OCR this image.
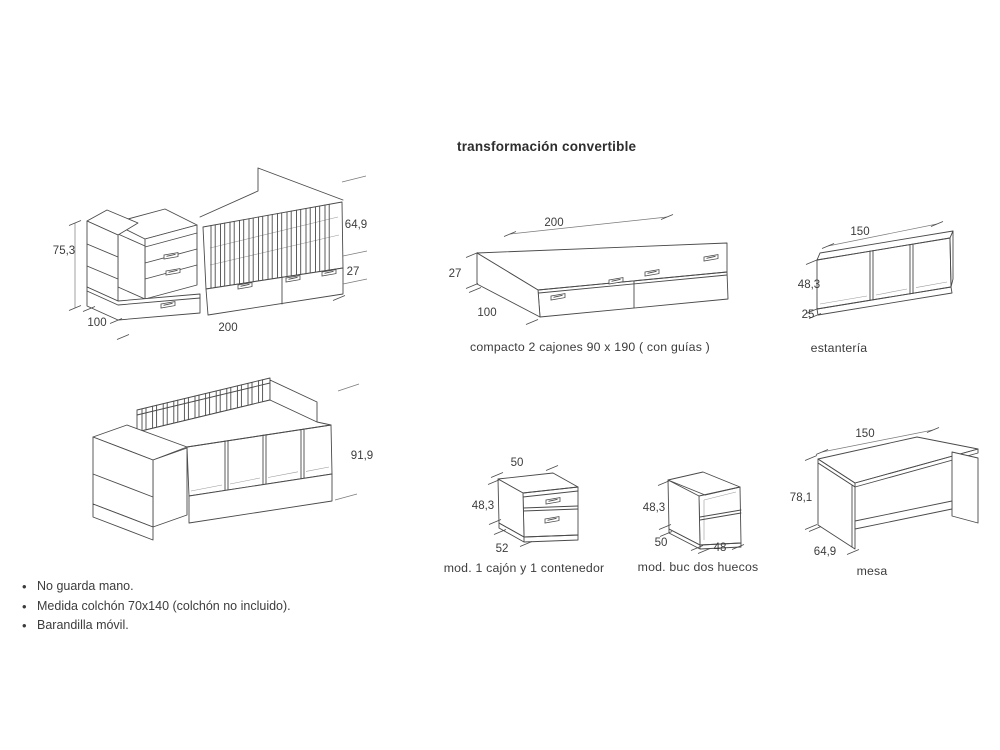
transformación convertible
75,3
64,9
27
100	200
91,9
200
27
100
compacto 2 cajones 90 x 190 ( con guías )
150
48,3
25
estantería
50
48,3
52
mod. 1 cajón y 1 contenedor
48,3
50	48
mod. buc dos huecos
150
78,1
64,9
mesa
• No guarda mano.
• Medida colchón 70x140 (colchón no incluido).
• Barandilla móvil.
